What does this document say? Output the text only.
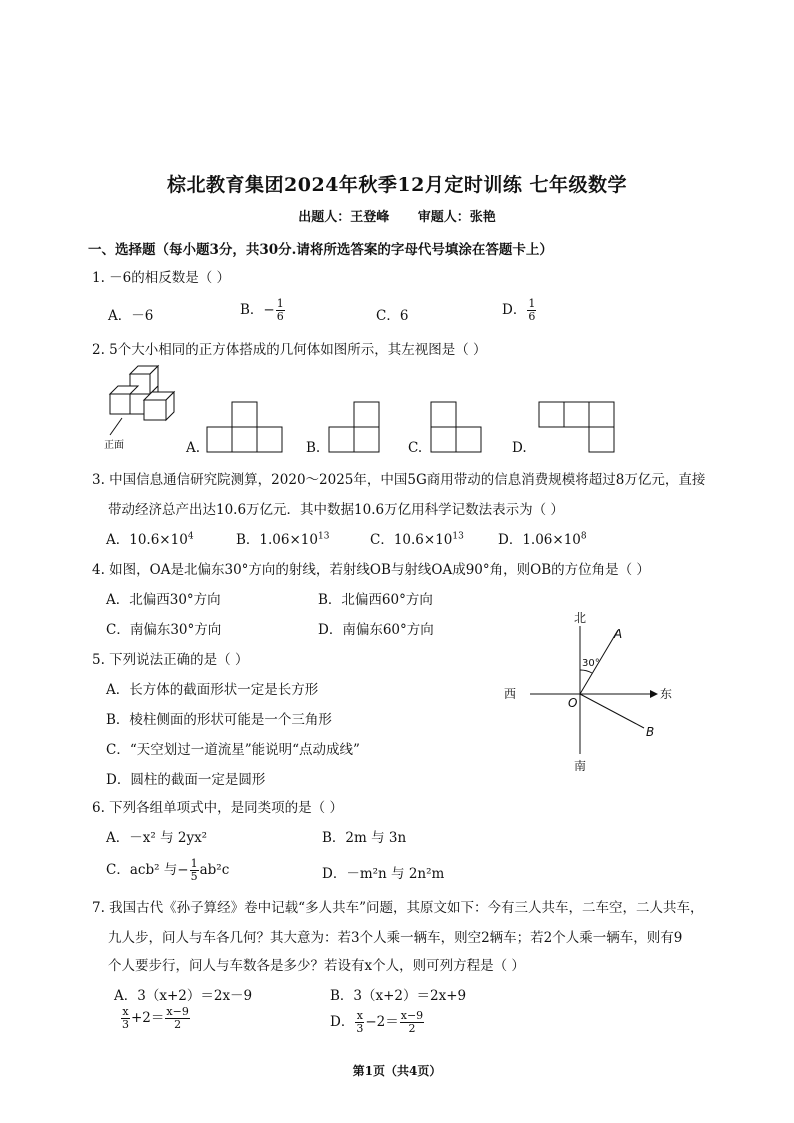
棕北教育集团2024年秋季12月定时训练 七年级数学
出题人：王登峰 审题人：张艳
一、选择题（每小题3分，共30分.请将所选答案的字母代号填涂在答题卡上）
1. －6的相反数是（ ）
A．－6	B．− $\frac{1}{6}$	C．6	D． $\frac{1}{6}$
2. 5个大小相同的正方体搭成的几何体如图所示，其左视图是（ ）
正面	A.	B.	C.	D.
3. 中国信息通信研究院测算，2020～2025年，中国5G商用带动的信息消费规模将超过8万亿元，直接
带动经济总产出达10.6万亿元．其中数据10.6万亿用科学记数法表示为（ ）
A．$10.6\times 10^4$	B．$1.06\times 10^{13}$	C．$10.6\times 10^{13}$	D．$1.06\times 10^8$
4. 如图，OA是北偏东30°方向的射线，若射线OB与射线OA成90°角，则OB的方位角是（ ）
A．北偏西30°方向	B．北偏西60°方向
C．南偏东30°方向	D．南偏东60°方向
北
南
东
西
O
A
B
30°
5. 下列说法正确的是（ ）
A．长方体的截面形状一定是长方形
B．棱柱侧面的形状可能是一个三角形
C．“天空划过一道流星”能说明“点动成线”
D．圆柱的截面一定是圆形
6. 下列各组单项式中，是同类项的是（ ）
A．－x² 与 2yx²	B．2m 与 3n
C．acb² 与− $\frac{1}{5} ab^2c$	D．－m²n 与 2n²m
7. 我国古代《孙子算经》卷中记载“多人共车”问题，其原文如下：今有三人共车，二车空，二人共车，
九人步，问人与车各几何？其大意为：若3个人乘一辆车，则空2辆车；若2个人乘一辆车，则有9
个人要步行，问人与车数各是多少？若设有x个人，则可列方程是（ ）
A．3（x+2）＝2x－9	B．3（x+2）＝2x+9
$\frac{x}{3} +2= \frac{x-9}{2}$	D． $\frac{x}{3} -2= \frac{x-9}{2}$
第1页（共4页）
